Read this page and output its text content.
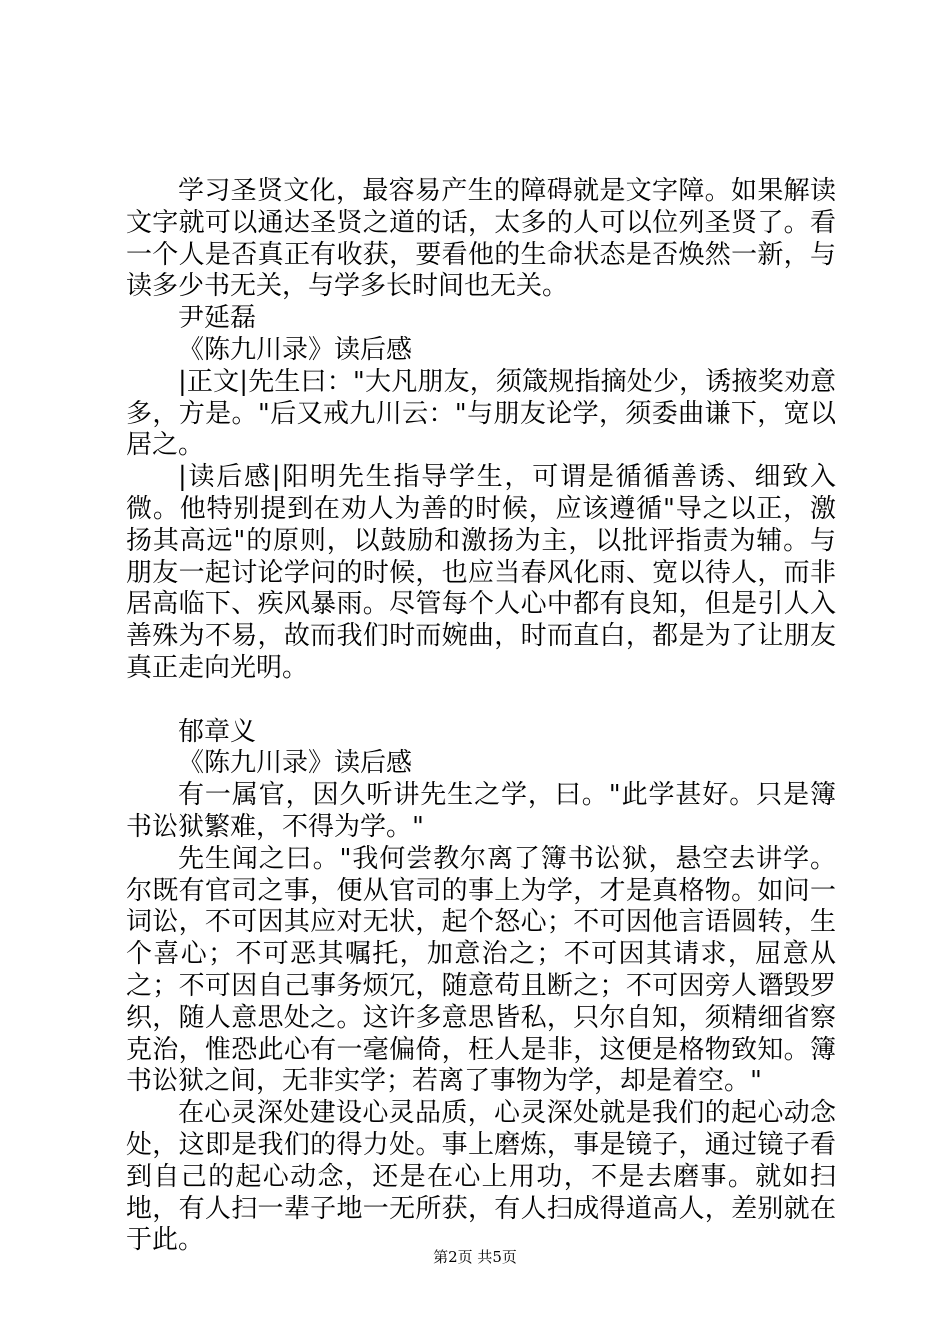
学习圣贤文化，最容易产生的障碍就是文字障。如果解读文字就可以通达圣贤之道的话，太多的人可以位列圣贤了。看一个人是否真正有收获，要看他的生命状态是否焕然一新，与读多少书无关，与学多长时间也无关。

尹延磊

《陈九川录》读后感

|正文|先生曰："大凡朋友，须箴规指摘处少，诱掖奖劝意多，方是。"后又戒九川云："与朋友论学，须委曲谦下，宽以居之。

|读后感|阳明先生指导学生，可谓是循循善诱、细致入微。他特别提到在劝人为善的时候，应该遵循"导之以正，激扬其高远"的原则，以鼓励和激扬为主，以批评指责为辅。与朋友一起讨论学问的时候，也应当春风化雨、宽以待人，而非居高临下、疾风暴雨。尽管每个人心中都有良知，但是引人入善殊为不易，故而我们时而婉曲，时而直白，都是为了让朋友真正走向光明。

郁章义

《陈九川录》读后感

有一属官，因久听讲先生之学，曰。"此学甚好。只是簿书讼狱繁难，不得为学。"

先生闻之曰。"我何尝教尔离了簿书讼狱，悬空去讲学。尔既有官司之事，便从官司的事上为学，才是真格物。如问一词讼，不可因其应对无状，起个怒心；不可因他言语圆转，生个喜心；不可恶其嘱托，加意治之；不可因其请求，屈意从之；不可因自己事务烦冗，随意苟且断之；不可因旁人谮毁罗织，随人意思处之。这许多意思皆私，只尔自知，须精细省察克治，惟恐此心有一毫偏倚，枉人是非，这便是格物致知。簿书讼狱之间，无非实学；若离了事物为学，却是着空。"

在心灵深处建设心灵品质，心灵深处就是我们的起心动念处，这即是我们的得力处。事上磨炼，事是镜子，通过镜子看到自己的起心动念，还是在心上用功，不是去磨事。就如扫地，有人扫一辈子地一无所获，有人扫成得道高人，差别就在于此。

第2页 共5页
